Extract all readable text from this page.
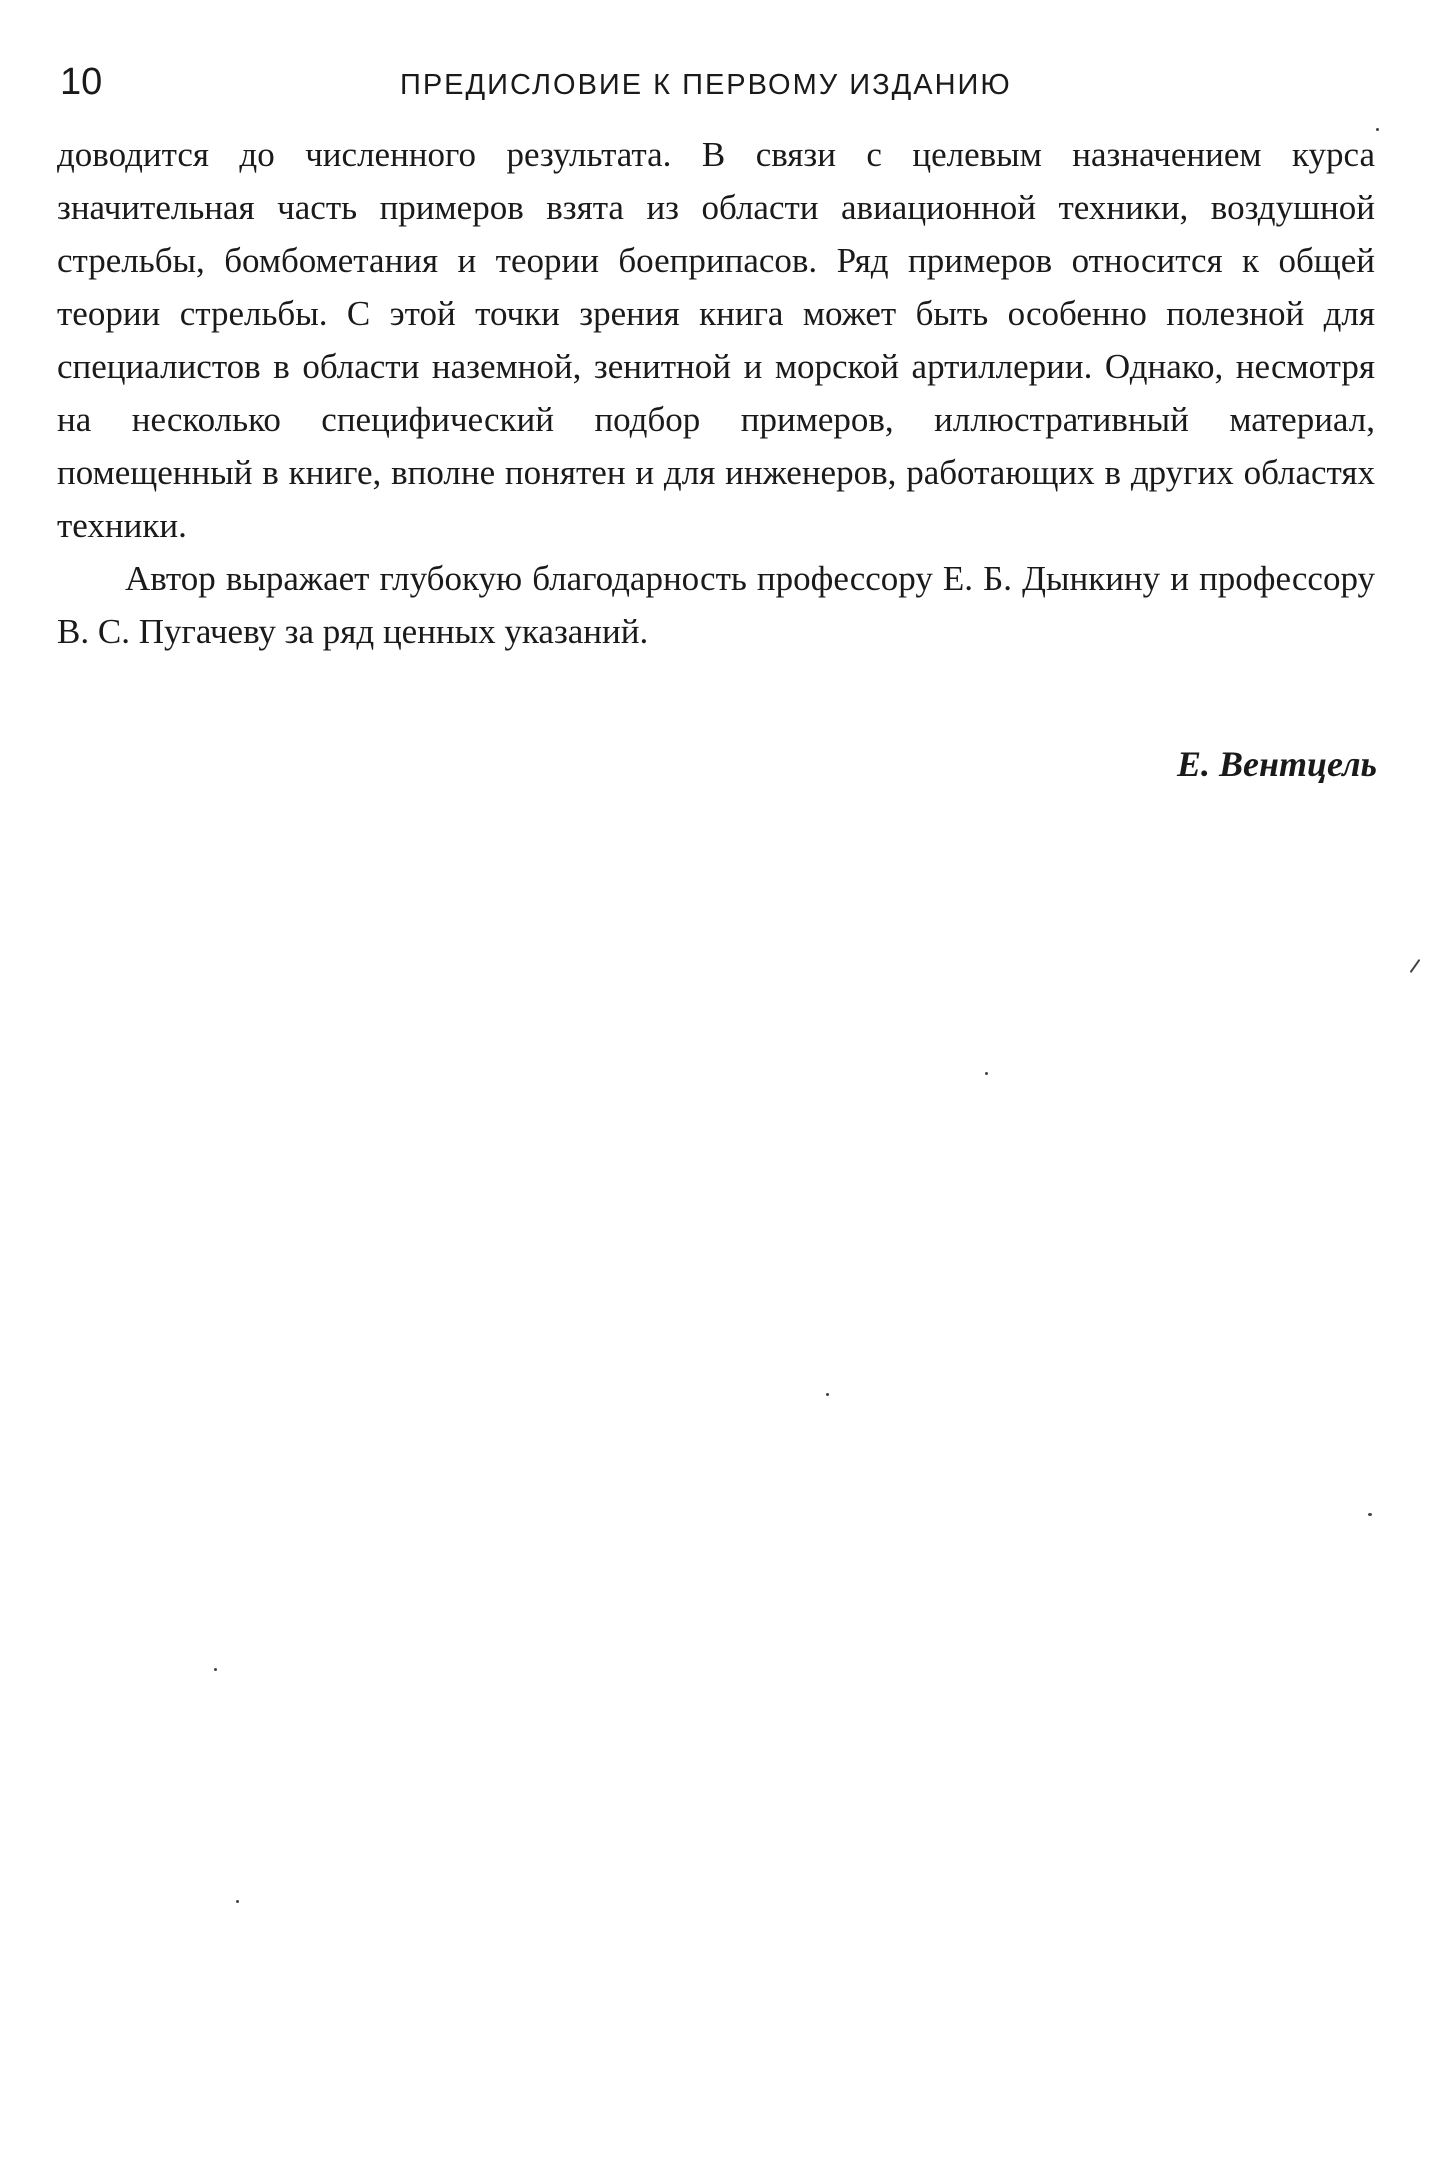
10	ПРЕДИСЛОВИЕ К ПЕРВОМУ ИЗДАНИЮ

доводится до численного результата. В связи с целевым назначением курса значительная часть примеров взята из области авиационной техники, воздушной стрельбы, бомбометания и теории боеприпасов. Ряд примеров относится к общей теории стрельбы. С этой точки зрения книга может быть особенно полезной для специалистов в области наземной, зенитной и морской артиллерии. Однако, несмотря на несколько специфический подбор примеров, иллюстративный материал, помещенный в книге, вполне понятен и для инженеров, работающих в других областях техники.

Автор выражает глубокую благодарность профессору Е. Б. Дынкину и профессору В. С. Пугачеву за ряд ценных указаний.

Е. Вентцель
